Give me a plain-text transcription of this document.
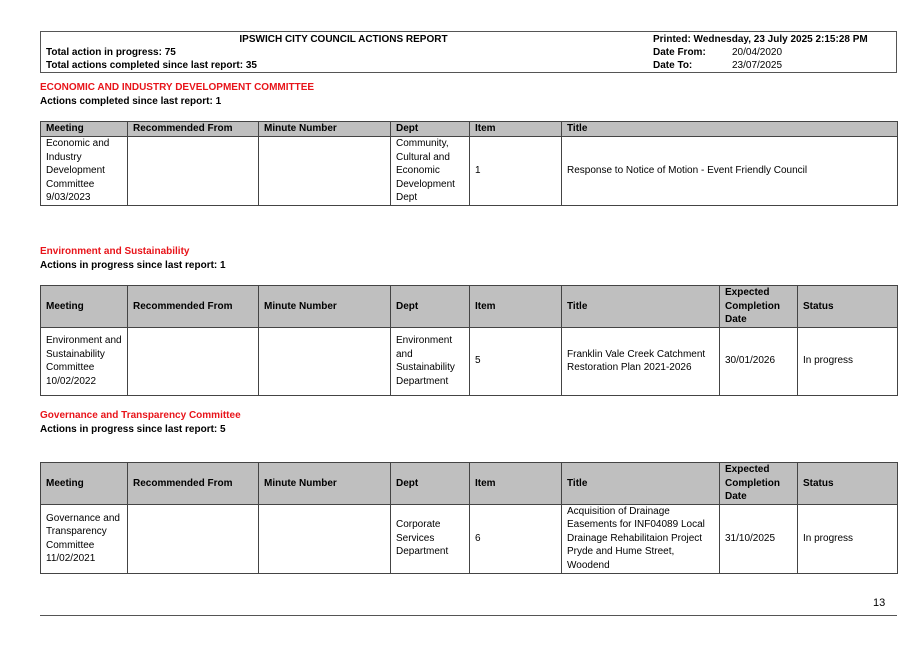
IPSWICH CITY COUNCIL ACTIONS REPORT
Total action in progress: 75
Total actions completed since last report: 35
Printed: Wednesday, 23 July 2025 2:15:28 PM
Date From:	20/04/2020
Date To:	23/07/2025
ECONOMIC AND INDUSTRY DEVELOPMENT COMMITTEE
Actions completed since last report: 1
Meeting	Recommended From	Minute Number	Dept	Item	Title
Economic and Industry Development Committee 9/03/2023			Community, Cultural and Economic Development Dept	1	Response to Notice of Motion - Event Friendly Council
Environment and Sustainability
Actions in progress since last report: 1
Meeting	Recommended From	Minute Number	Dept	Item	Title	Expected Completion Date	Status
Environment and Sustainability Committee 10/02/2022			Environment and Sustainability Department	5	Franklin Vale Creek Catchment Restoration Plan 2021-2026	30/01/2026	In progress
Governance and Transparency Committee
Actions in progress since last report: 5
Meeting	Recommended From	Minute Number	Dept	Item	Title	Expected Completion Date	Status
Governance and Transparency Committee 11/02/2021			Corporate Services Department	6	Acquisition of Drainage Easements for INF04089 Local Drainage Rehabilitaion Project Pryde and Hume Street, Woodend	31/10/2025	In progress
13
